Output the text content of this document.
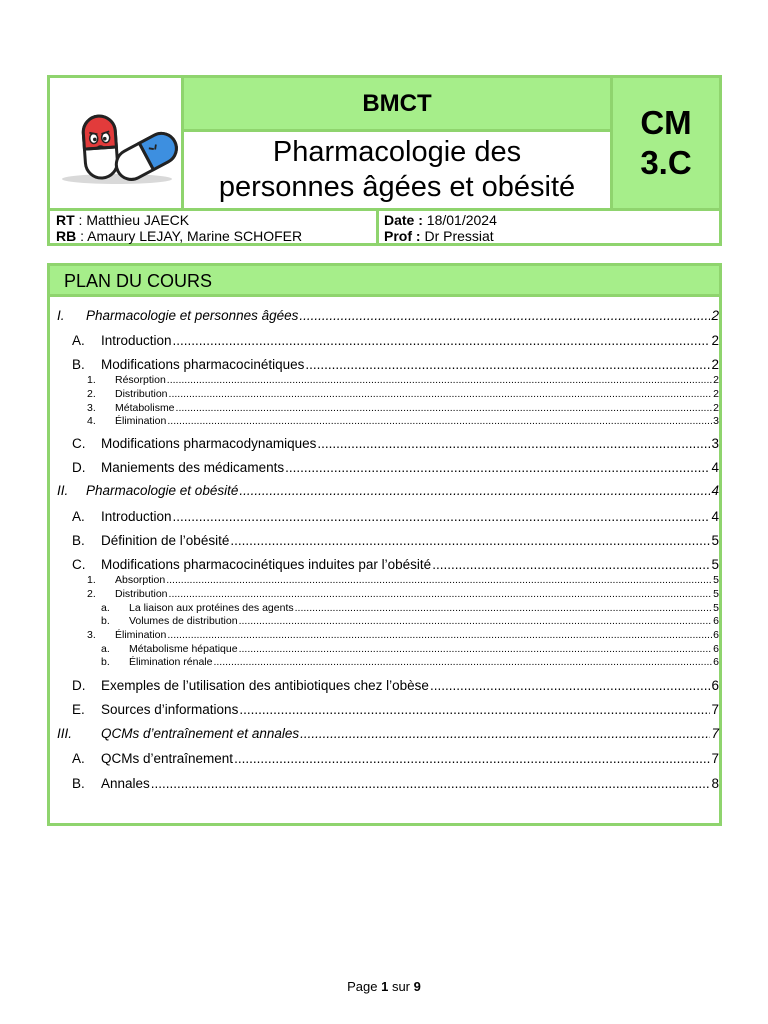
BMCT
Pharmacologie des
personnes âgées et obésité
CM
3.C
RT : Matthieu JAECK
RB : Amaury LEJAY, Marine SCHOFER
Date : 18/01/2024
Prof : Dr Pressiat
PLAN DU COURS
I.	Pharmacologie et personnes âgées .....	2
A.	Introduction .....	2
B.	Modifications pharmacocinétiques .....	2
1.	Résorption .....	2
2.	Distribution .....	2
3.	Métabolisme .....	2
4.	Élimination .....	3
C.	Modifications pharmacodynamiques .....	3
D.	Maniements des médicaments .....	4
II.	Pharmacologie et obésité .....	4
A.	Introduction .....	4
B.	Définition de l’obésité .....	5
C.	Modifications pharmacocinétiques induites par l’obésité .....	5
1.	Absorption .....	5
2.	Distribution .....	5
a.	La liaison aux protéines des agents .....	5
b.	Volumes de distribution .....	6
3.	Élimination .....	6
a.	Métabolisme hépatique .....	6
b.	Élimination rénale .....	6
D.	Exemples de l’utilisation des antibiotiques chez l’obèse .....	6
E.	Sources d’informations .....	7
III.	QCMs d’entraînement et annales .....	7
A.	QCMs d’entraînement .....	7
B.	Annales .....	8
Page 1 sur 9
